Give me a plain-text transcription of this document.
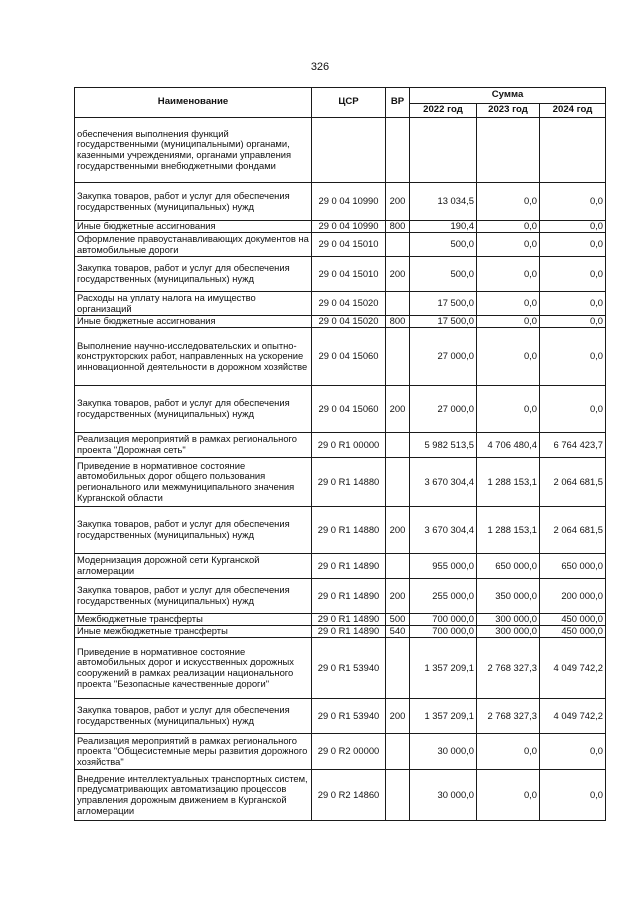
326
Наименование	ЦСР	ВР	Сумма		
			2022 год	2023 год	2024 год
обеспечения выполнения функций государственными (муниципальными) органами, казенными учреждениями, органами управления государственными внебюджетными фондами					
Закупка товаров, работ и услуг для обеспечения государственных (муниципальных) нужд	29 0 04 10990	200	13 034,5	0,0	0,0
Иные бюджетные ассигнования	29 0 04 10990	800	190,4	0,0	0,0
Оформление правоустанавливающих документов на автомобильные дороги	29 0 04 15010		500,0	0,0	0,0
Закупка товаров, работ и услуг для обеспечения государственных (муниципальных) нужд	29 0 04 15010	200	500,0	0,0	0,0
Расходы на уплату налога на имущество организаций	29 0 04 15020		17 500,0	0,0	0,0
Иные бюджетные ассигнования	29 0 04 15020	800	17 500,0	0,0	0,0
Выполнение научно-исследовательских и опытно-конструкторских работ, направленных на ускорение инновационной деятельности в дорожном хозяйстве	29 0 04 15060		27 000,0	0,0	0,0
Закупка товаров, работ и услуг для обеспечения государственных (муниципальных) нужд	29 0 04 15060	200	27 000,0	0,0	0,0
Реализация мероприятий в рамках регионального проекта "Дорожная сеть"	29 0 R1 00000		5 982 513,5	4 706 480,4	6 764 423,7
Приведение в нормативное состояние автомобильных дорог общего пользования регионального или межмуниципального значения Курганской области	29 0 R1 14880		3 670 304,4	1 288 153,1	2 064 681,5
Закупка товаров, работ и услуг для обеспечения государственных (муниципальных) нужд	29 0 R1 14880	200	3 670 304,4	1 288 153,1	2 064 681,5
Модернизация дорожной сети Курганской агломерации	29 0 R1 14890		955 000,0	650 000,0	650 000,0
Закупка товаров, работ и услуг для обеспечения государственных (муниципальных) нужд	29 0 R1 14890	200	255 000,0	350 000,0	200 000,0
Межбюджетные трансферты	29 0 R1 14890	500	700 000,0	300 000,0	450 000,0
Иные межбюджетные трансферты	29 0 R1 14890	540	700 000,0	300 000,0	450 000,0
Приведение в нормативное состояние автомобильных дорог и искусственных дорожных сооружений в рамках реализации национального проекта "Безопасные качественные дороги"	29 0 R1 53940		1 357 209,1	2 768 327,3	4 049 742,2
Закупка товаров, работ и услуг для обеспечения государственных (муниципальных) нужд	29 0 R1 53940	200	1 357 209,1	2 768 327,3	4 049 742,2
Реализация мероприятий в рамках регионального проекта "Общесистемные меры развития дорожного хозяйства"	29 0 R2 00000		30 000,0	0,0	0,0
Внедрение интеллектуальных транспортных систем, предусматривающих автоматизацию процессов управления дорожным движением в Курганской агломерации	29 0 R2 14860		30 000,0	0,0	0,0
